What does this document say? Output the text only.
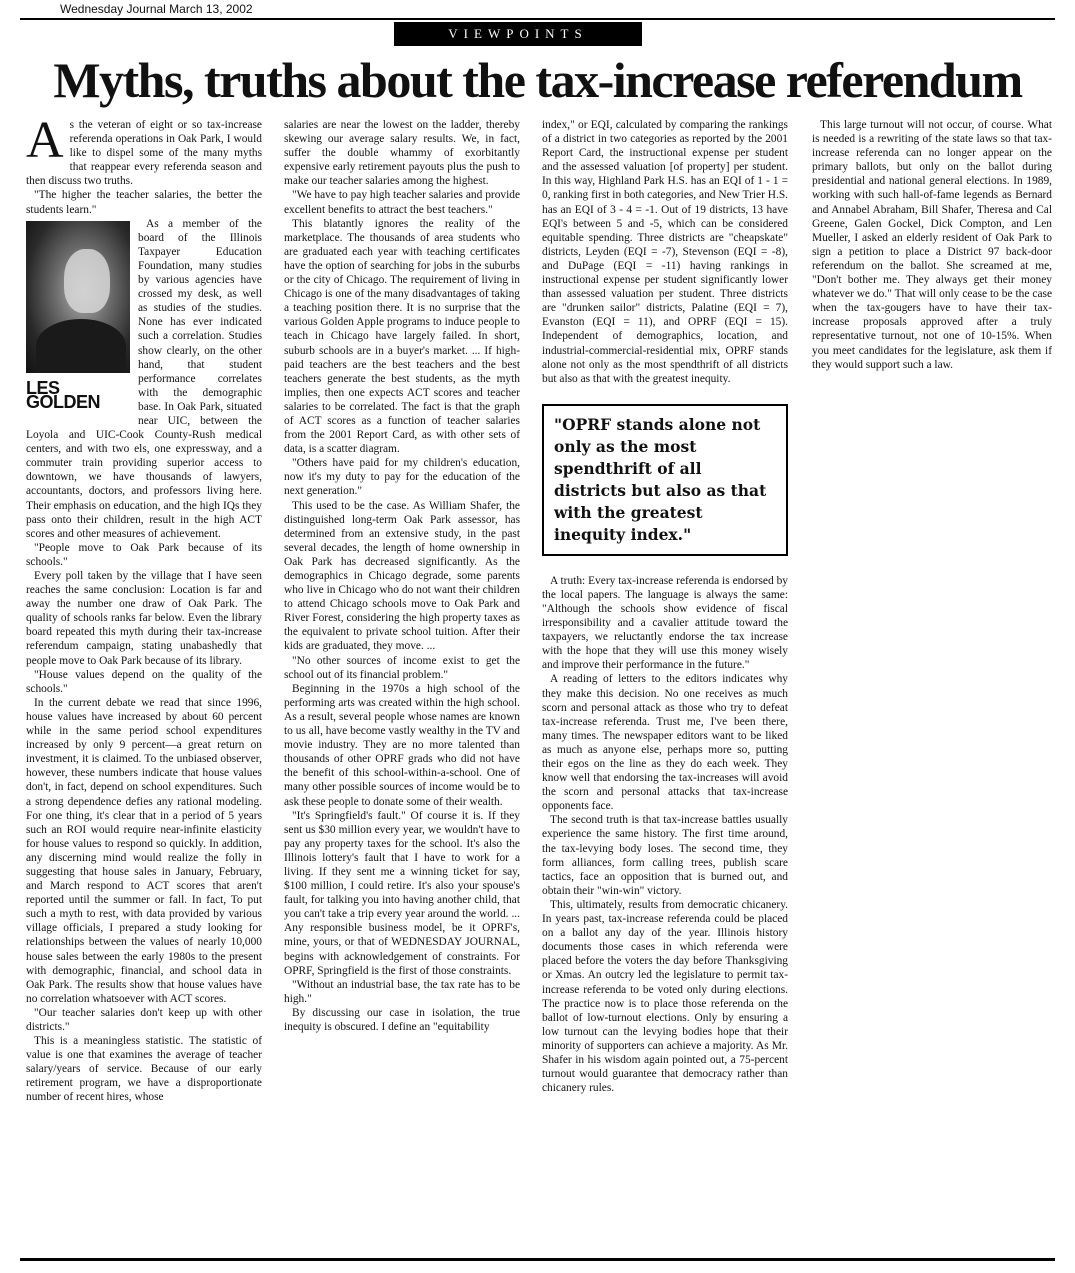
Wednesday Journal March 13, 2002
VIEWPOINTS
Myths, truths about the tax-increase referendum

As the veteran of eight or so tax-increase referenda operations in Oak Park, I would like to dispel some of the many myths that reappear every referenda season and then discuss two truths.

"The higher the teacher salaries, the better the students learn."

LES GOLDEN
As a member of the board of the Illinois Taxpayer Education Foundation, many studies by various agencies have crossed my desk, as well as studies of the studies. None has ever indicated such a correlation. Studies show clearly, on the other hand, that student performance correlates with the demographic base. In Oak Park, situated near UIC, between the Loyola and UIC-Cook County-Rush medical centers, and with two els, one expressway, and a commuter train providing superior access to downtown, we have thousands of lawyers, accountants, doctors, and professors living here. Their emphasis on education, and the high IQs they pass onto their children, result in the high ACT scores and other measures of achievement.

"People move to Oak Park because of its schools."

Every poll taken by the village that I have seen reaches the same conclusion: Location is far and away the number one draw of Oak Park. The quality of schools ranks far below. Even the library board repeated this myth during their tax-increase referendum campaign, stating unabashedly that people move to Oak Park because of its library.

"House values depend on the quality of the schools."

In the current debate we read that since 1996, house values have increased by about 60 percent while in the same period school expenditures increased by only 9 percent—a great return on investment, it is claimed. To the unbiased observer, however, these numbers indicate that house values don't, in fact, depend on school expenditures. Such a strong dependence defies any rational modeling. For one thing, it's clear that in a period of 5 years such an ROI would require near-infinite elasticity for house values to respond so quickly. In addition, any discerning mind would realize the folly in suggesting that house sales in January, February, and March respond to ACT scores that aren't reported until the summer or fall. In fact, To put such a myth to rest, with data provided by various village officials, I prepared a study looking for relationships between the values of nearly 10,000 house sales between the early 1980s to the present with demographic, financial, and school data in Oak Park. The results show that house values have no correlation whatsoever with ACT scores.

"Our teacher salaries don't keep up with other districts."

This is a meaningless statistic. The statistic of value is one that examines the average of teacher salary/years of service. Because of our early retirement program, we have a disproportionate number of recent hires, whose

salaries are near the lowest on the ladder, thereby skewing our average salary results. We, in fact, suffer the double whammy of exorbitantly expensive early retirement payouts plus the push to make our teacher salaries among the highest.

"We have to pay high teacher salaries and provide excellent benefits to attract the best teachers."

This blatantly ignores the reality of the marketplace. The thousands of area students who are graduated each year with teaching certificates have the option of searching for jobs in the suburbs or the city of Chicago. The requirement of living in Chicago is one of the many disadvantages of taking a teaching position there. It is no surprise that the various Golden Apple programs to induce people to teach in Chicago have largely failed. In short, suburb schools are in a buyer's market. ... If high-paid teachers are the best teachers and the best teachers generate the best students, as the myth implies, then one expects ACT scores and teacher salaries to be correlated. The fact is that the graph of ACT scores as a function of teacher salaries from the 2001 Report Card, as with other sets of data, is a scatter diagram.

"Others have paid for my children's education, now it's my duty to pay for the education of the next generation."

This used to be the case. As William Shafer, the distinguished long-term Oak Park assessor, has determined from an extensive study, in the past several decades, the length of home ownership in Oak Park has decreased significantly. As the demographics in Chicago degrade, some parents who live in Chicago who do not want their children to attend Chicago schools move to Oak Park and River Forest, considering the high property taxes as the equivalent to private school tuition. After their kids are graduated, they move. ...

"No other sources of income exist to get the school out of its financial problem."

Beginning in the 1970s a high school of the performing arts was created within the high school. As a result, several people whose names are known to us all, have become vastly wealthy in the TV and movie industry. They are no more talented than thousands of other OPRF grads who did not have the benefit of this school-within-a-school. One of many other possible sources of income would be to ask these people to donate some of their wealth.

"It's Springfield's fault." Of course it is. If they sent us $30 million every year, we wouldn't have to pay any property taxes for the school. It's also the Illinois lottery's fault that I have to work for a living. If they sent me a winning ticket for say, $100 million, I could retire. It's also your spouse's fault, for talking you into having another child, that you can't take a trip every year around the world. ... Any responsible business model, be it OPRF's, mine, yours, or that of WEDNESDAY JOURNAL, begins with acknowledgement of constraints. For OPRF, Springfield is the first of those constraints.

"Without an industrial base, the tax rate has to be high."

By discussing our case in isolation, the true inequity is obscured. I define an "equitability

index," or EQI, calculated by comparing the rankings of a district in two categories as reported by the 2001 Report Card, the instructional expense per student and the assessed valuation [of property] per student. In this way, Highland Park H.S. has an EQI of 1 - 1 = 0, ranking first in both categories, and New Trier H.S. has an EQI of 3 - 4 = -1. Out of 19 districts, 13 have EQI's between 5 and -5, which can be considered equitable spending. Three districts are "cheapskate" districts, Leyden (EQI = -7), Stevenson (EQI = -8), and DuPage (EQI = -11) having rankings in instructional expense per student significantly lower than assessed valuation per student. Three districts are "drunken sailor" districts, Palatine (EQI = 7), Evanston (EQI = 11), and OPRF (EQI = 15). Independent of demographics, location, and industrial-commercial-residential mix, OPRF stands alone not only as the most spendthrift of all districts but also as that with the greatest inequity.

"OPRF stands alone not only as the most spendthrift of all districts but also as that with the greatest inequity index."

A truth: Every tax-increase referenda is endorsed by the local papers. The language is always the same: "Although the schools show evidence of fiscal irresponsibility and a cavalier attitude toward the taxpayers, we reluctantly endorse the tax increase with the hope that they will use this money wisely and improve their performance in the future."

A reading of letters to the editors indicates why they make this decision. No one receives as much scorn and personal attack as those who try to defeat tax-increase referenda. Trust me, I've been there, many times. The newspaper editors want to be liked as much as anyone else, perhaps more so, putting their egos on the line as they do each week. They know well that endorsing the tax-increases will avoid the scorn and personal attacks that tax-increase opponents face.

The second truth is that tax-increase battles usually experience the same history. The first time around, the tax-levying body loses. The second time, they form alliances, form calling trees, publish scare tactics, face an opposition that is burned out, and obtain their "win-win" victory.

This, ultimately, results from democratic chicanery. In years past, tax-increase referenda could be placed on a ballot any day of the year. Illinois history documents those cases in which referenda were placed before the voters the day before Thanksgiving or Xmas. An outcry led the legislature to permit tax-increase referenda to be voted only during elections. The practice now is to place those referenda on the ballot of low-turnout elections. Only by ensuring a low turnout can the levying bodies hope that their minority of supporters can achieve a majority. As Mr. Shafer in his wisdom again pointed out, a 75-percent turnout would guarantee that democracy rather than chicanery rules.

This large turnout will not occur, of course. What is needed is a rewriting of the state laws so that tax-increase referenda can no longer appear on the primary ballots, but only on the ballot during presidential and national general elections. In 1989, working with such hall-of-fame legends as Bernard and Annabel Abraham, Bill Shafer, Theresa and Cal Greene, Galen Gockel, Dick Compton, and Len Mueller, I asked an elderly resident of Oak Park to sign a petition to place a District 97 back-door referendum on the ballot. She screamed at me, "Don't bother me. They always get their money whatever we do." That will only cease to be the case when the tax-gougers have to have their tax-increase proposals approved after a truly representative turnout, not one of 10-15%. When you meet candidates for the legislature, ask them if they would support such a law.
